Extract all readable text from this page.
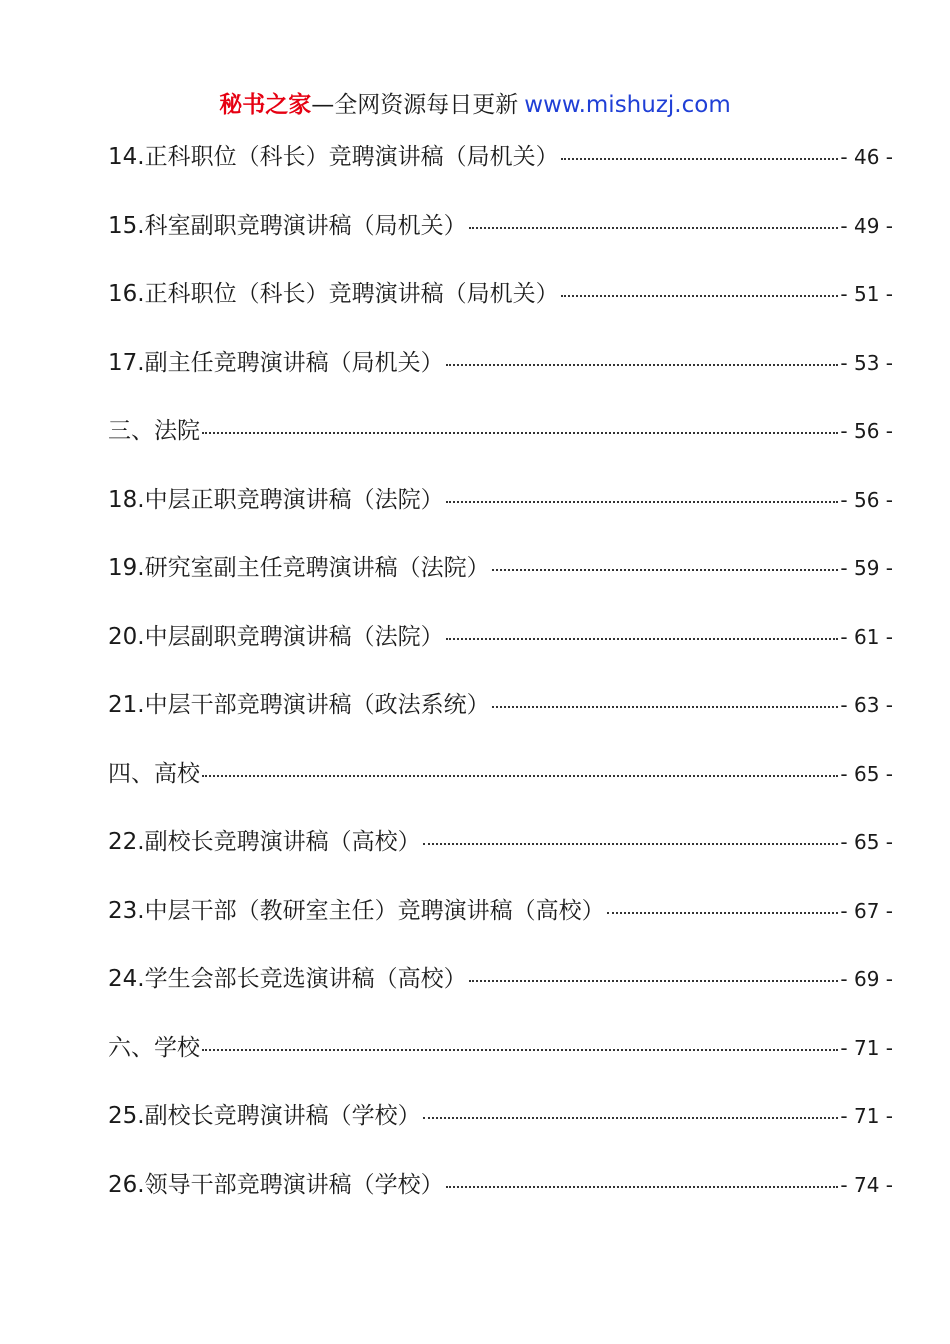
秘书之家—全网资源每日更新 www.mishuzj.com
14.正科职位（科长）竞聘演讲稿（局机关）	- 46 -
15.科室副职竞聘演讲稿（局机关）	- 49 -
16.正科职位（科长）竞聘演讲稿（局机关）	- 51 -
17.副主任竞聘演讲稿（局机关）	- 53 -
三、法院	- 56 -
18.中层正职竞聘演讲稿（法院）	- 56 -
19.研究室副主任竞聘演讲稿（法院）	- 59 -
20.中层副职竞聘演讲稿（法院）	- 61 -
21.中层干部竞聘演讲稿（政法系统）	- 63 -
四、高校	- 65 -
22.副校长竞聘演讲稿（高校）	- 65 -
23.中层干部（教研室主任）竞聘演讲稿（高校）	- 67 -
24.学生会部长竞选演讲稿（高校）	- 69 -
六、学校	- 71 -
25.副校长竞聘演讲稿（学校）	- 71 -
26.领导干部竞聘演讲稿（学校）	- 74 -
